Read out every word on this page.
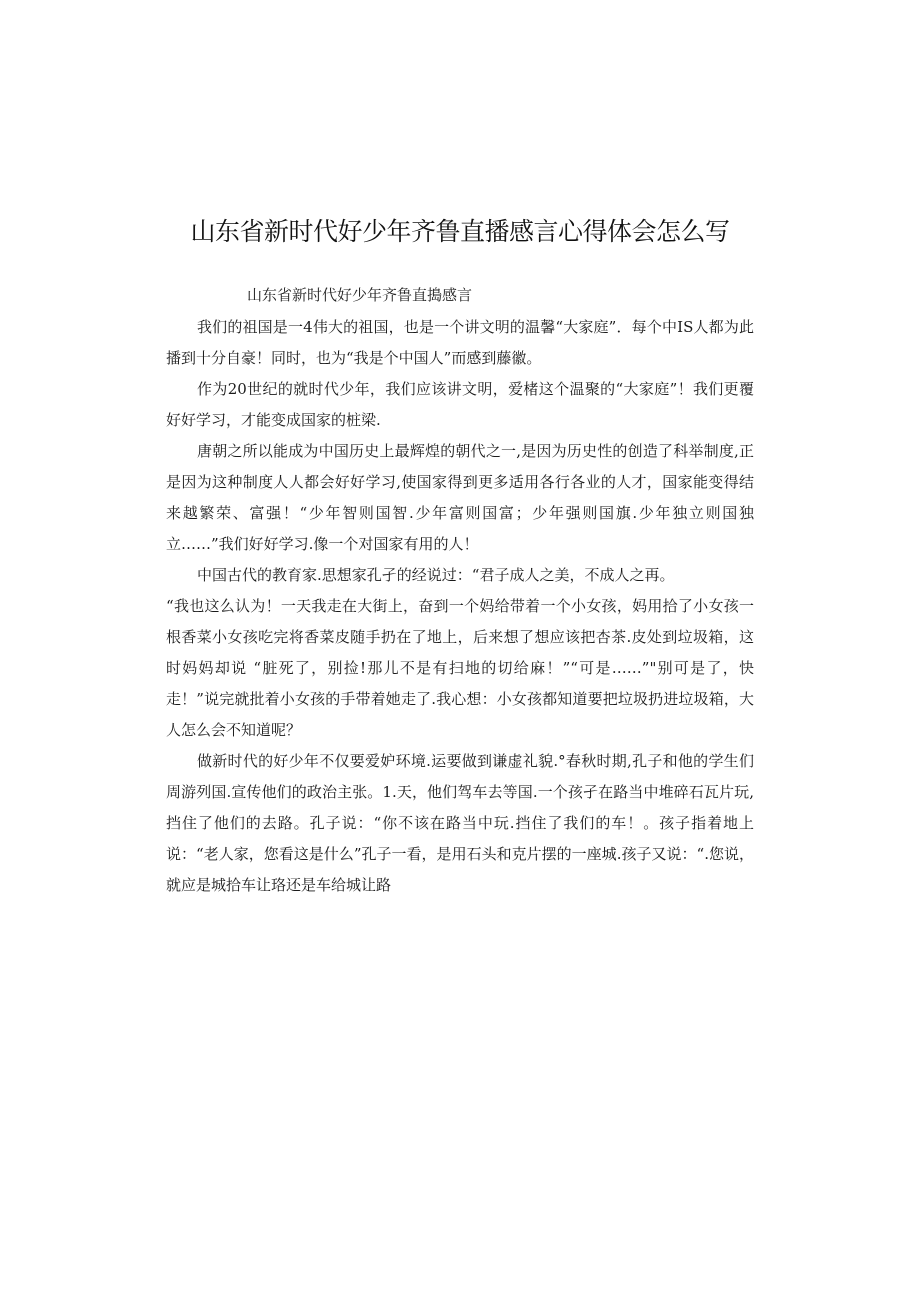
山东省新时代好少年齐鲁直播感言心得体会怎么写
山东省新时代好少年齐鲁直搗感言

我们的祖国是一4伟大的祖国，也是一个讲文明的温馨“大家庭”．每个中IS人都为此播到十分自豪！同时，也为“我是个中国人”而感到藤徽。

作为20世纪的就时代少年，我们应该讲文明，爱楮这个温聚的“大家庭”！我们更覆好好学习，才能变成国家的桩梁.

唐朝之所以能成为中国历史上最辉煌的朝代之一,是因为历史性的创造了科举制度,正是因为这种制度人人都会好好学习,使国家得到更多适用各行各业的人才，国家能变得结来越繁荣、富强！“少年智则国智.少年富则国富；少年强则国旗.少年独立则国独立……”我们好好学习.像一个对国家有用的人！

中国古代的教育家.思想家孔孑的经说过：“君子成人之美，不成人之再。

“我也这么认为！一天我走在大街上，奋到一个妈给带着一个小女孩，妈用拾了小女孩一根香菜小女孩吃完将香菜皮随手扔在了地上，后来想了想应该把杏茶.皮处到垃圾箱，这时妈妈却说 “脏死了，别捡!那儿不是有扫地的切给麻！”“可是……”"别可是了，快走！”说完就批着小女孩的手带着她走了.我心想：小女孩都知道要把垃圾扔进垃圾箱，大人怎么会不知道呢？

做新时代的好少年不仅要爱妒环境.运要做到谦虚礼貌.°春秋时期,孔子和他的学生们周游列国.宣传他们的政治主张。1.天，他们驾车去等国.一个孩孑在路当中堆碎石瓦片玩,挡住了他们的去路。孔子说：“你不该在路当中玩.挡住了我们的车！。孩子指着地上说：“老人家，您看这是什么”孔子一看，是用石头和克片摆的一座城.孩子又说：“.您说，就应是城拾车让珞还是车给城让路
